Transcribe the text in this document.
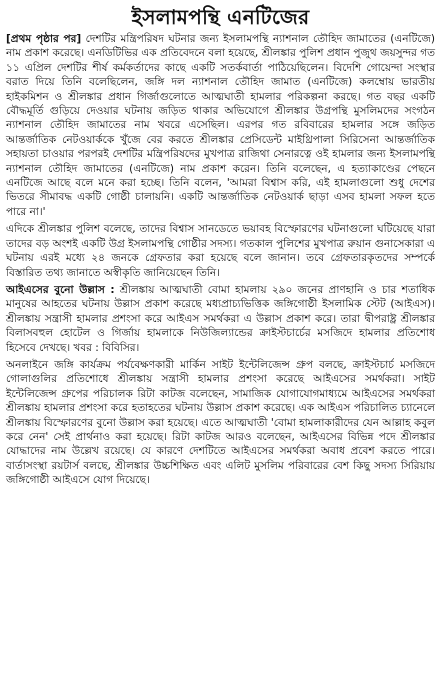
ইসলামপন্থি এনটিজের

[প্রথম পৃষ্ঠার পর] দেশটির মন্ত্রিপরিষদ ঘটনার জন্য ইসলামপন্থি ন্যাশনাল তৌহিদ জামাতের (এনটিজে) নাম প্রকাশ করেছে। এনডিটিভির এক প্রতিবেদনে বলা হয়েছে, শ্রীলঙ্কার পুলিশ প্রধান পুজুথ জয়সুন্দর গত ১১ এপ্রিল দেশটির শীর্ষ কর্মকর্তাদের কাছে একটি সতর্কবার্তা পাঠিয়েছিলেন। বিদেশি গোয়েন্দা সংস্থার বরাত দিয়ে তিনি বলেছিলেন, জঙ্গি দল ন্যাশনাল তৌহিদ জামাত (এনটিজে) কলম্বোয় ভারতীয় হাইকমিশন ও শ্রীলঙ্কার প্রধান গির্জাগুলোতে আত্মঘাতী হামলার পরিকল্পনা করছে। গত বছর একটি বৌদ্ধমূর্তি গুড়িয়ে দেওয়ার ঘটনায় জড়িত থাকার অভিযোগে শ্রীলঙ্কার উগ্রপন্থি মুসলিমদের সংগঠন ন্যাশনাল তৌহিদ জামাতের নাম খবরে এসেছিল। এরপর গত রবিবারের হামলার সঙ্গে জড়িত আন্তর্জাতিক নেটওয়ার্ককে খুঁজে বের করতে শ্রীলঙ্কার প্রেসিডেন্ট মাইথ্রিপালা সিরিসেনা আন্তর্জাতিক সহায়তা চাওয়ার পরপরই দেশটির মন্ত্রিপরিষদের মুখপাত্র রাজিথা সেনারত্নে ওই হামলার জন্য ইসলামপন্থি ন্যাশনাল তৌহিদ জামাতের (এনটিজে) নাম প্রকাশ করেন। তিনি বলেছেন, এ হত্যাকাণ্ডের পেছনে এনটিজে আছে বলে মনে করা হচ্ছে। তিনি বলেন, 'আমরা বিশ্বাস করি, এই হামলাগুলো শুধু দেশের ভিতরে সীমাবদ্ধ একটি গোষ্ঠী চালায়নি। একটি আন্তর্জাতিক নেটওয়ার্ক ছাড়া এসব হামলা সফল হতে পারে না।'

এদিকে শ্রীলঙ্কার পুলিশ বলেছে, তাদের বিশ্বাস সানডেতে ভয়াবহ বিস্ফোরণের ঘটনাগুলো ঘটিয়েছে যারা তাদের বড় অংশই একটি উগ্র ইসলামপন্থি গোষ্ঠীর সদস্য। গতকাল পুলিশের মুখপাত্র রুয়ান গুনাসেকারা এ ঘটনায় এরই মধ্যে ২৪ জনকে গ্রেফতার করা হয়েছে বলে জানান। তবে গ্রেফতারকৃতদের সম্পর্কে বিস্তারিত তথ্য জানাতে অস্বীকৃতি জানিয়েছেন তিনি।

আইএসের বুনো উল্লাস : শ্রীলঙ্কায় আত্মঘাতী বোমা হামলায় ২৯০ জনের প্রাণহানি ও চার শতাধিক মানুষের আহতের ঘটনায় উল্লাস প্রকাশ করেছে মধ্যপ্রাচ্যভিত্তিক জঙ্গিগোষ্ঠী ইসলামিক স্টেট (আইএস)। শ্রীলঙ্কায় সন্ত্রাসী হামলার প্রশংসা করে আইএস সমর্থকরা এ উল্লাস প্রকাশ করে। তারা দ্বীপরাষ্ট্র শ্রীলঙ্কার বিলাসবহুল হোটেল ও গির্জায় হামলাকে নিউজিল্যান্ডের ক্রাইস্টচার্চের মসজিদে হামলার প্রতিশোধ হিসেবে দেখছে। খবর : বিবিসির।

অনলাইনে জঙ্গি কার্যক্রম পর্যবেক্ষণকারী মার্কিন সাইট ইন্টেলিজেন্স গ্রুপ বলছে, ক্রাইস্টচার্চ মসজিদে গোলাগুলির প্রতিশোধে শ্রীলঙ্কায় সন্ত্রাসী হামলার প্রশংসা করেছে আইএসের সমর্থকরা। সাইট ইন্টেলিজেন্স গ্রুপের পরিচালক রিটা কাটজ বলেছেন, সামাজিক যোগাযোগমাধ্যমে আইএসের সমর্থকরা শ্রীলঙ্কায় হামলার প্রশংসা করে হতাহতের ঘটনায় উল্লাস প্রকাশ করেছে। এক আইএস পরিচালিত চ্যানেলে শ্রীলঙ্কায় বিস্ফোরণের বুনো উল্লাস করা হয়েছে। এতে আত্মঘাতী 'বোমা হামলাকারীদের যেন আল্লাহ কবুল করে নেন' সেই প্রার্থনাও করা হয়েছে। রিটা কাটজ আরও বলেছেন, আইএসের বিভিন্ন পদে শ্রীলঙ্কার যোদ্ধাদের নাম উল্লেখ রয়েছে। যে কারণে দেশটিতে আইএসের সমর্থকরা অবাধ প্রবেশ করতে পারে। বার্তাসংস্থা রয়টার্স বলছে, শ্রীলঙ্কার উচ্চশিক্ষিত এবং এলিট মুসলিম পরিবারের বেশ কিছু সদস্য সিরিয়ায় জঙ্গিগোষ্ঠী আইএসে যোগ দিয়েছে।
